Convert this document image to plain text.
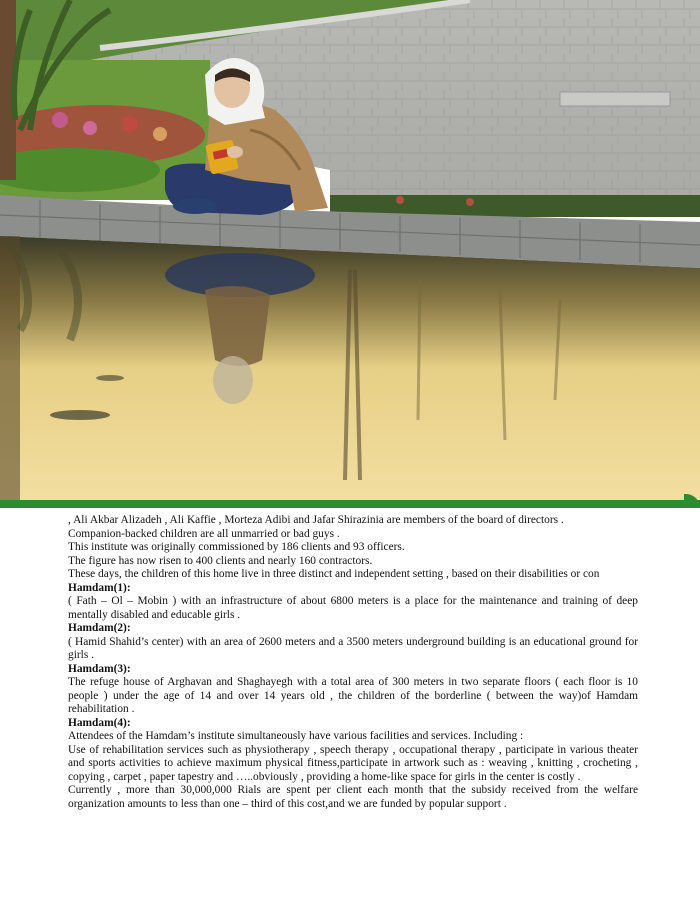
, Ali Akbar Alizadeh , Ali Kaffie , Morteza Adibi and Jafar Shirazinia are members of the board of directors .

Companion-backed children are all unmarried or bad guys .

This institute was originally commissioned by 186 clients and 93 officers.

The figure has now risen to 400 clients and nearly 160 contractors.

These days, the children of this home live in three distinct and independent setting , based on their disabilities or con

Hamdam(1):

( Fath – Ol – Mobin ) with an infrastructure of about 6800 meters is a place for the maintenance and training of deep mentally disabled and educable girls .

Hamdam(2):

( Hamid Shahid’s center) with an area of 2600 meters and a 3500 meters underground building is an educational ground for girls .

Hamdam(3):

The refuge house of Arghavan and Shaghayegh with a total area of 300 meters in two separate floors ( each floor is 10 people ) under the age of 14 and over 14 years old , the children of the borderline ( between the way)of Hamdam rehabilitation .

Hamdam(4):

Attendees of the Hamdam’s institute simultaneously have various facilities and services. Including :

Use of rehabilitation services such as physiotherapy , speech therapy , occupational therapy , participate in various theater and sports activities to achieve maximum physical fitness,participate in artwork such as : weaving , knitting , crocheting , copying , carpet , paper tapestry and …..obviously , providing a home-like space for girls in the center is costly .

Currently , more than 30,000,000 Rials are spent per client each month that the subsidy received from the welfare organization amounts to less than one – third of this cost,and we are funded by popular support .
